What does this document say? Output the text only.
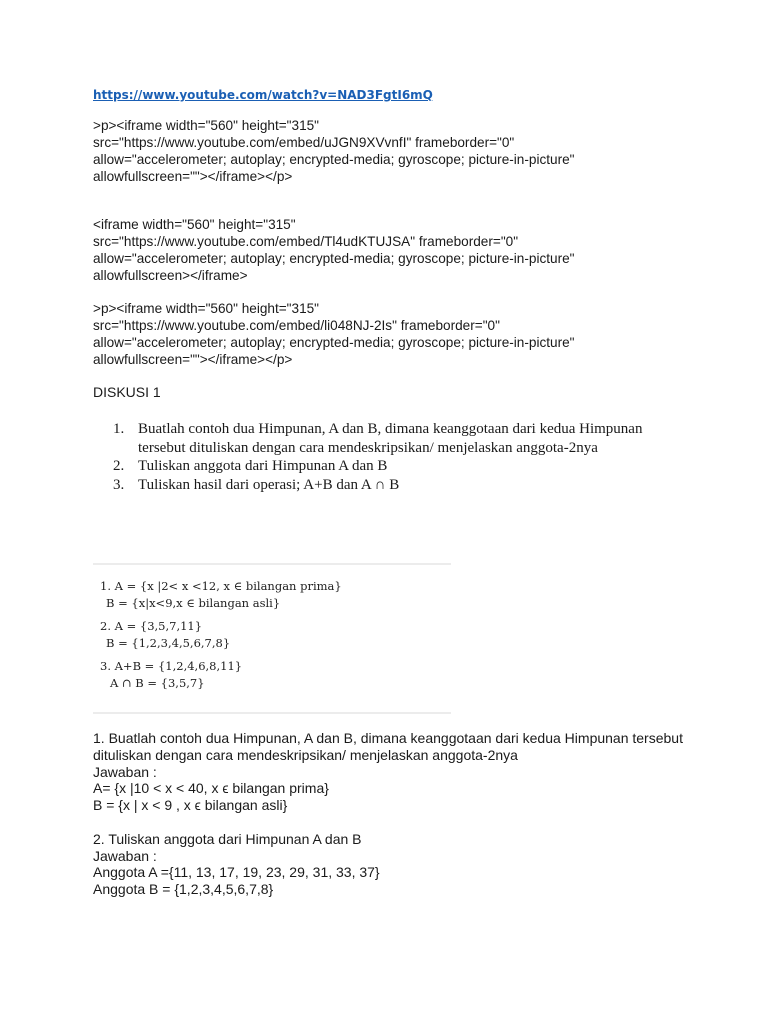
https://www.youtube.com/watch?v=NAD3FgtI6mQ
>p><iframe width="560" height="315"
src="https://www.youtube.com/embed/uJGN9XVvnfI" frameborder="0"
allow="accelerometer; autoplay; encrypted-media; gyroscope; picture-in-picture"
allowfullscreen=""></iframe></p>
<iframe width="560" height="315"
src="https://www.youtube.com/embed/Tl4udKTUJSA" frameborder="0"
allow="accelerometer; autoplay; encrypted-media; gyroscope; picture-in-picture"
allowfullscreen></iframe>
>p><iframe width="560" height="315"
src="https://www.youtube.com/embed/li048NJ-2Is" frameborder="0"
allow="accelerometer; autoplay; encrypted-media; gyroscope; picture-in-picture"
allowfullscreen=""></iframe></p>
DISKUSI 1
1. Buatlah contoh dua Himpunan, A dan B, dimana keanggotaan dari kedua Himpunan tersebut dituliskan dengan cara mendeskripsikan/ menjelaskan anggota-2nya
2. Tuliskan anggota dari Himpunan A dan B
3. Tuliskan hasil dari operasi; A+B dan A ∩ B
1. A = {x |2< x <12, x ∈ bilangan prima}
B = {x|x<9,x ∈ bilangan asli}
2. A = {3,5,7,11}
B = {1,2,3,4,5,6,7,8}
3. A+B = {1,2,4,6,8,11}
A ∩ B = {3,5,7}
1. Buatlah contoh dua Himpunan, A dan B, dimana keanggotaan dari kedua Himpunan tersebut dituliskan dengan cara mendeskripsikan/ menjelaskan anggota-2nya
Jawaban :
A= {x |10 < x < 40, x ϵ bilangan prima}
B = {x | x < 9 , x ϵ bilangan asli}
2. Tuliskan anggota dari Himpunan A dan B
Jawaban :
Anggota A ={11, 13, 17, 19, 23, 29, 31, 33, 37}
Anggota B = {1,2,3,4,5,6,7,8}
